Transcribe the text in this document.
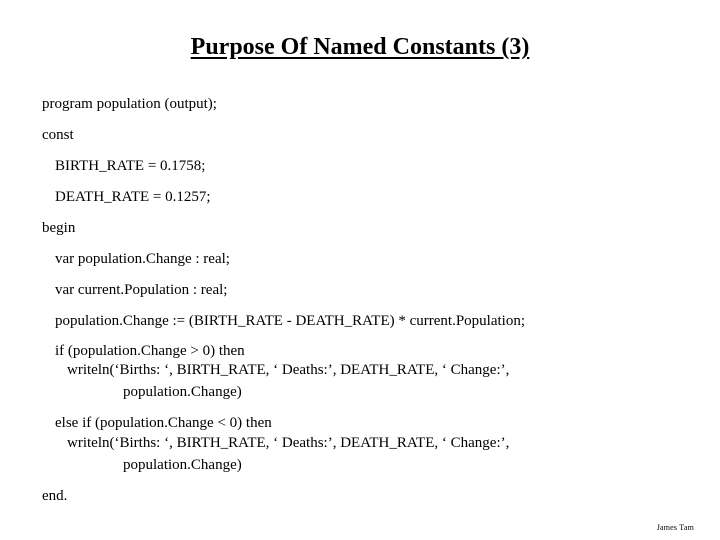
Purpose Of Named Constants (3)
program population (output);
const
BIRTH_RATE = 0.1758;
DEATH_RATE = 0.1257;
begin
var population.Change : real;
var current.Population : real;
population.Change := (BIRTH_RATE - DEATH_RATE) * current.Population;
if (population.Change > 0) then
writeln(‘Births: ‘, BIRTH_RATE, ‘ Deaths:’, DEATH_RATE, ‘ Change:’,
population.Change)
else if (population.Change < 0) then
writeln(‘Births: ‘, BIRTH_RATE, ‘ Deaths:’, DEATH_RATE, ‘ Change:’,
population.Change)
end.
James Tam
